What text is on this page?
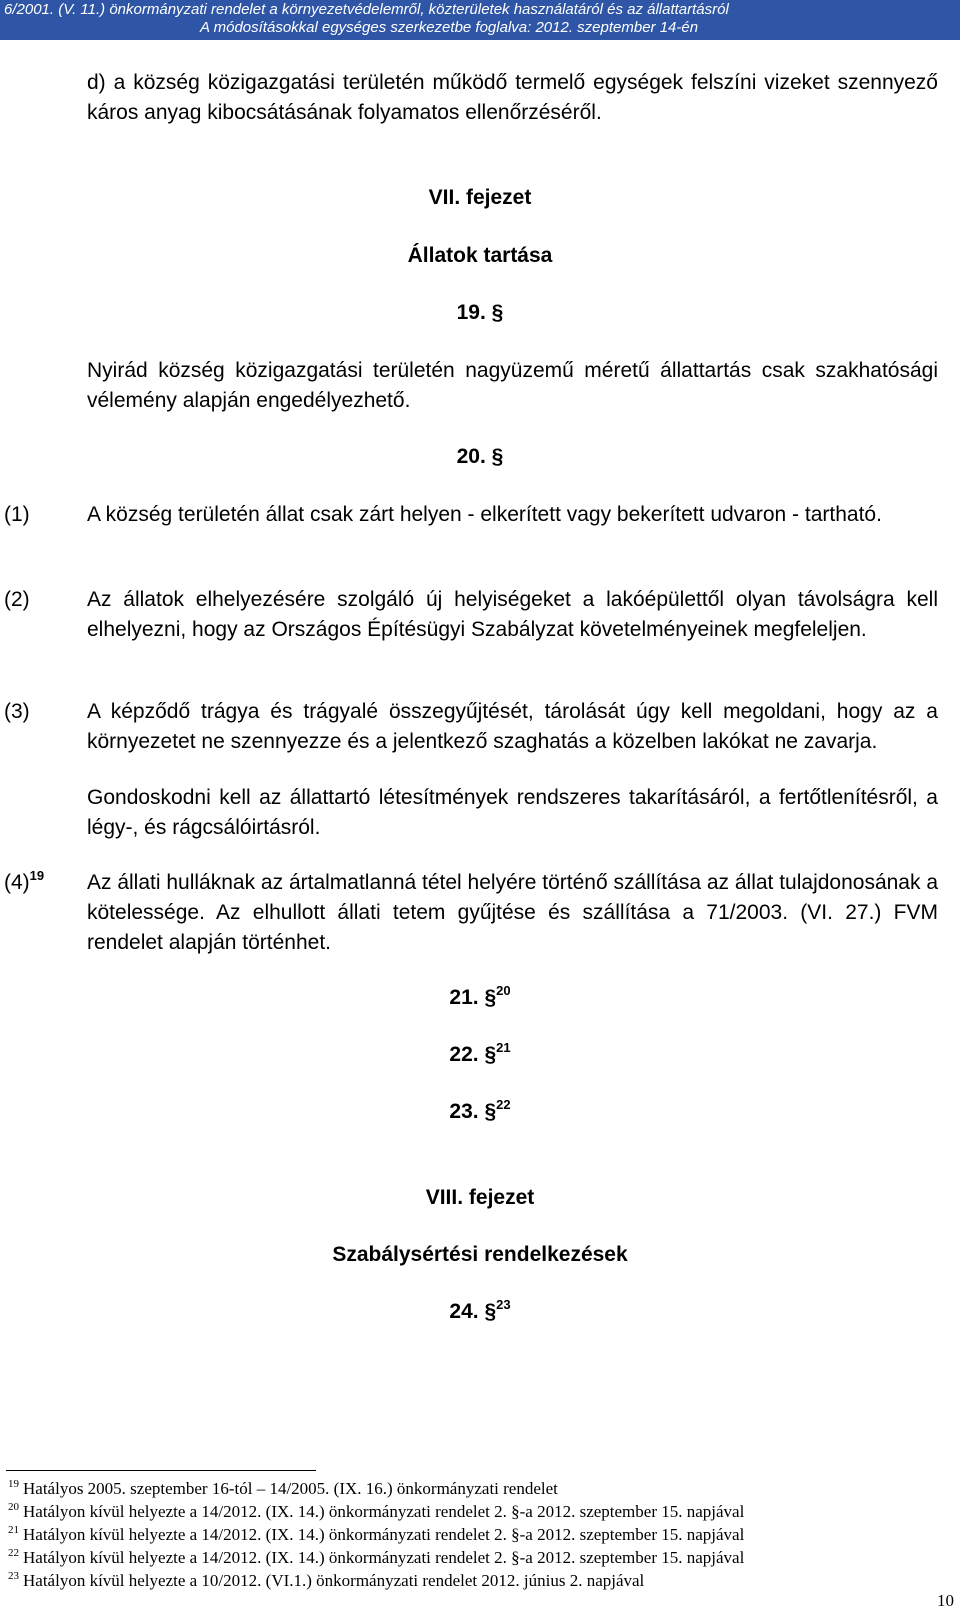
6/2001. (V. 11.) önkormányzati rendelet a környezetvédelemről, közterületek használatáról és az állattartásról
A módosításokkal egységes szerkezetbe foglalva: 2012. szeptember 14-én
d) a község közigazgatási területén működő termelő egységek felszíni vizeket szennyező káros anyag kibocsátásának folyamatos ellenőrzéséről.
VII. fejezet
Állatok tartása
19. §
Nyirád község közigazgatási területén nagyüzemű méretű állattartás csak szakhatósági vélemény alapján engedélyezhető.
20. §
(1)	A község területén állat csak zárt helyen - elkerített vagy bekerített udvaron - tartható.
(2)	Az állatok elhelyezésére szolgáló új helyiségeket a lakóépülettől olyan távolságra kell elhelyezni, hogy az Országos Építésügyi Szabályzat követelményeinek megfeleljen.
(3)	A képződő trágya és trágyalé összegyűjtését, tárolását úgy kell megoldani, hogy az a környezetet ne szennyezze és a jelentkező szaghatás a közelben lakókat ne zavarja.
Gondoskodni kell az állattartó létesítmények rendszeres takarításáról, a fertőtlenítésről, a légy-, és rágcsálóirtásról.
$(4)^{19}$ Az állati hulláknak az ártalmatlanná tétel helyére történő szállítása az állat tulajdonosának a kötelessége. Az elhullott állati tetem gyűjtése és szállítása a 71/2003. (VI. 27.) FVM rendelet alapján történhet.
21. §$^{20}$
22. §$^{21}$
23. §$^{22}$
VIII. fejezet
Szabálysértési rendelkezések
24. §$^{23}$
$^{19}$ Hatályos 2005. szeptember 16-tól – 14/2005. (IX. 16.) önkormányzati rendelet
$^{20}$ Hatályon kívül helyezte a 14/2012. (IX. 14.) önkormányzati rendelet 2. §-a 2012. szeptember 15. napjával
$^{21}$ Hatályon kívül helyezte a 14/2012. (IX. 14.) önkormányzati rendelet 2. §-a 2012. szeptember 15. napjával
$^{22}$ Hatályon kívül helyezte a 14/2012. (IX. 14.) önkormányzati rendelet 2. §-a 2012. szeptember 15. napjával
$^{23}$ Hatályon kívül helyezte a 10/2012. (VI.1.) önkormányzati rendelet 2012. június 2. napjával
10
